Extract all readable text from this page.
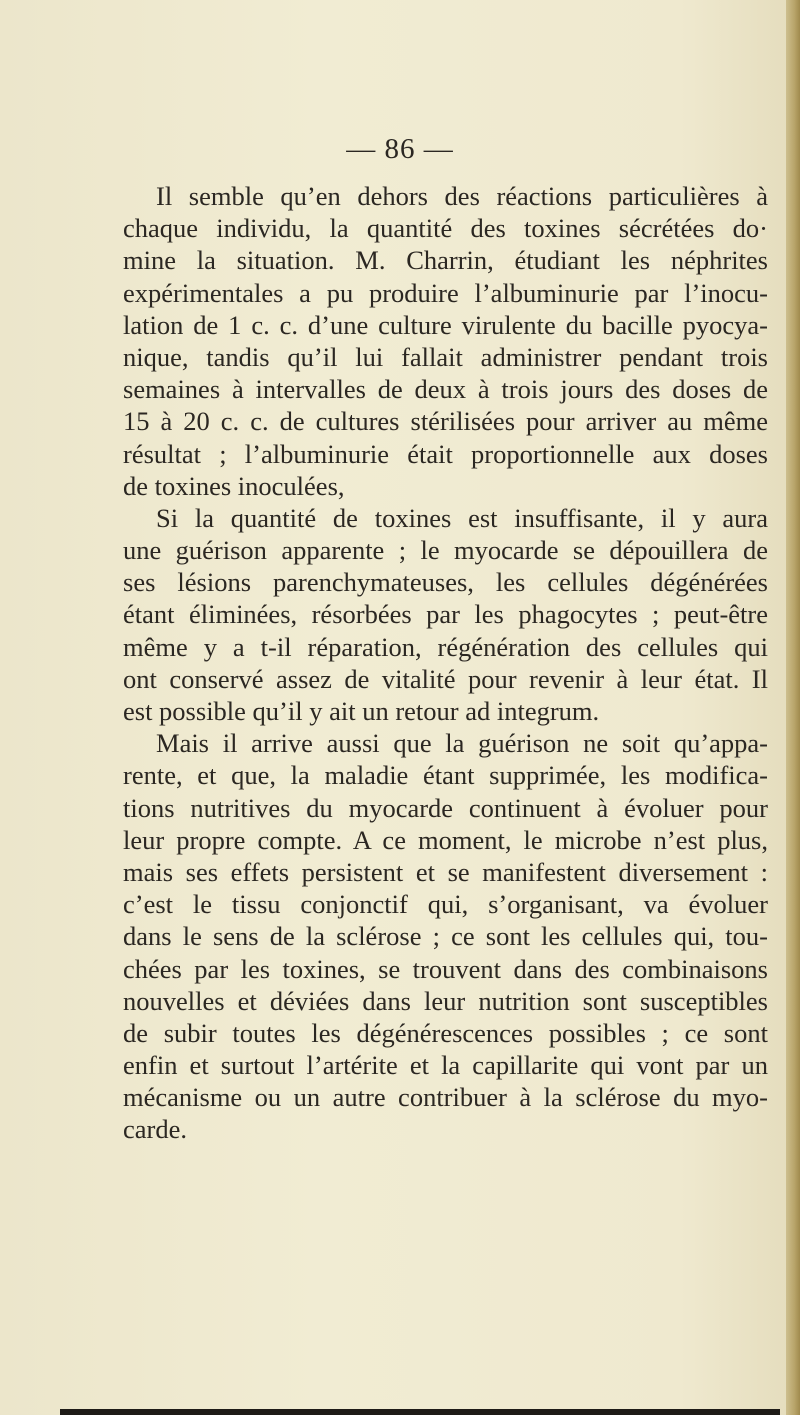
— 86 —
Il semble qu’en dehors des réactions particulières à
chaque individu, la quantité des toxines sécrétées do·
mine la situation. M. Charrin, étudiant les néphrites
expérimentales a pu produire l’albuminurie par l’inocu-
lation de 1 c. c. d’une culture virulente du bacille pyocya-
nique, tandis qu’il lui fallait administrer pendant trois
semaines à intervalles de deux à trois jours des doses de
15 à 20 c. c. de cultures stérilisées pour arriver au même
résultat ; l’albuminurie était proportionnelle aux doses
de toxines inoculées,
Si la quantité de toxines est insuffisante, il y aura
une guérison apparente ; le myocarde se dépouillera de
ses lésions parenchymateuses, les cellules dégénérées
étant éliminées, résorbées par les phagocytes ; peut-être
même y a t-il réparation, régénération des cellules qui
ont conservé assez de vitalité pour revenir à leur état. Il
est possible qu’il y ait un retour ad integrum.
Mais il arrive aussi que la guérison ne soit qu’appa-
rente, et que, la maladie étant supprimée, les modifica-
tions nutritives du myocarde continuent à évoluer pour
leur propre compte. A ce moment, le microbe n’est plus,
mais ses effets persistent et se manifestent diversement :
c’est le tissu conjonctif qui, s’organisant, va évoluer
dans le sens de la sclérose ; ce sont les cellules qui, tou-
chées par les toxines, se trouvent dans des combinaisons
nouvelles et déviées dans leur nutrition sont susceptibles
de subir toutes les dégénérescences possibles ; ce sont
enfin et surtout l’artérite et la capillarite qui vont par un
mécanisme ou un autre contribuer à la sclérose du myo-
carde.
